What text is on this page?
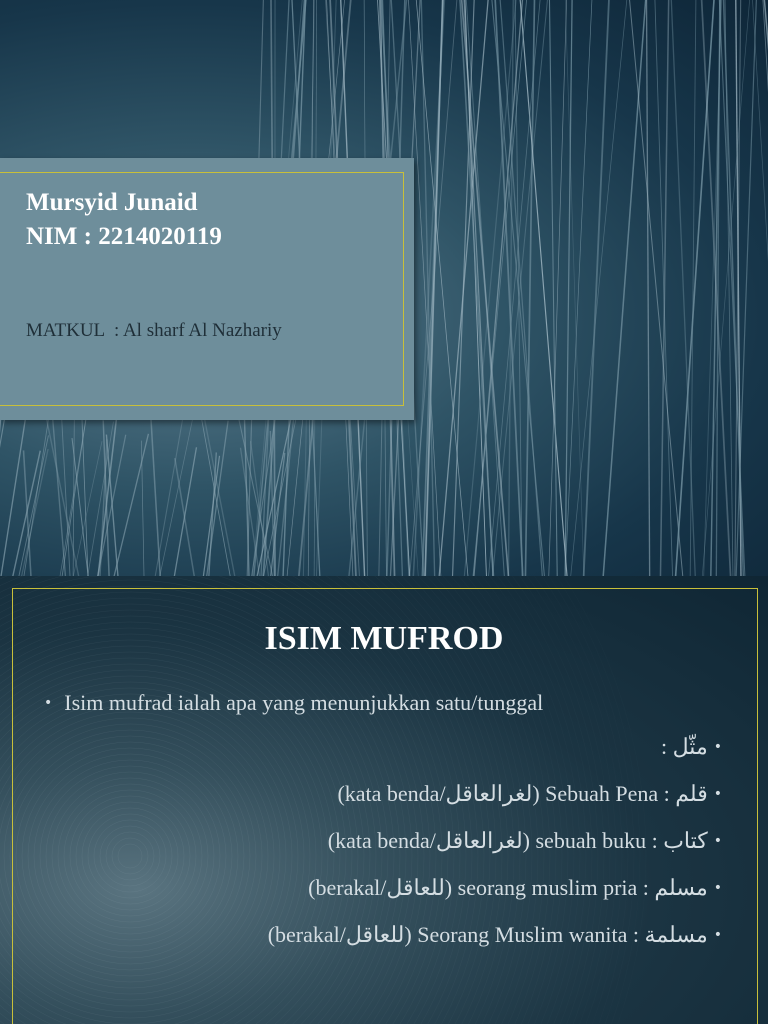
Mursyid Junaid
NIM : 2214020119
MATKUL  : Al sharf Al Nazhariy
ISIM MUFROD
• Isim mufrad ialah apa yang menunjukkan satu/tunggal
مثّل : •
قلم : Sebuah Pena (لغرالعاقل/kata benda) •
كتاب : sebuah buku (لغرالعاقل/kata benda) •
مسلم : seorang muslim pria (للعاقل/berakal) •
مسلمة : Seorang Muslim wanita (للعاقل/berakal) •
